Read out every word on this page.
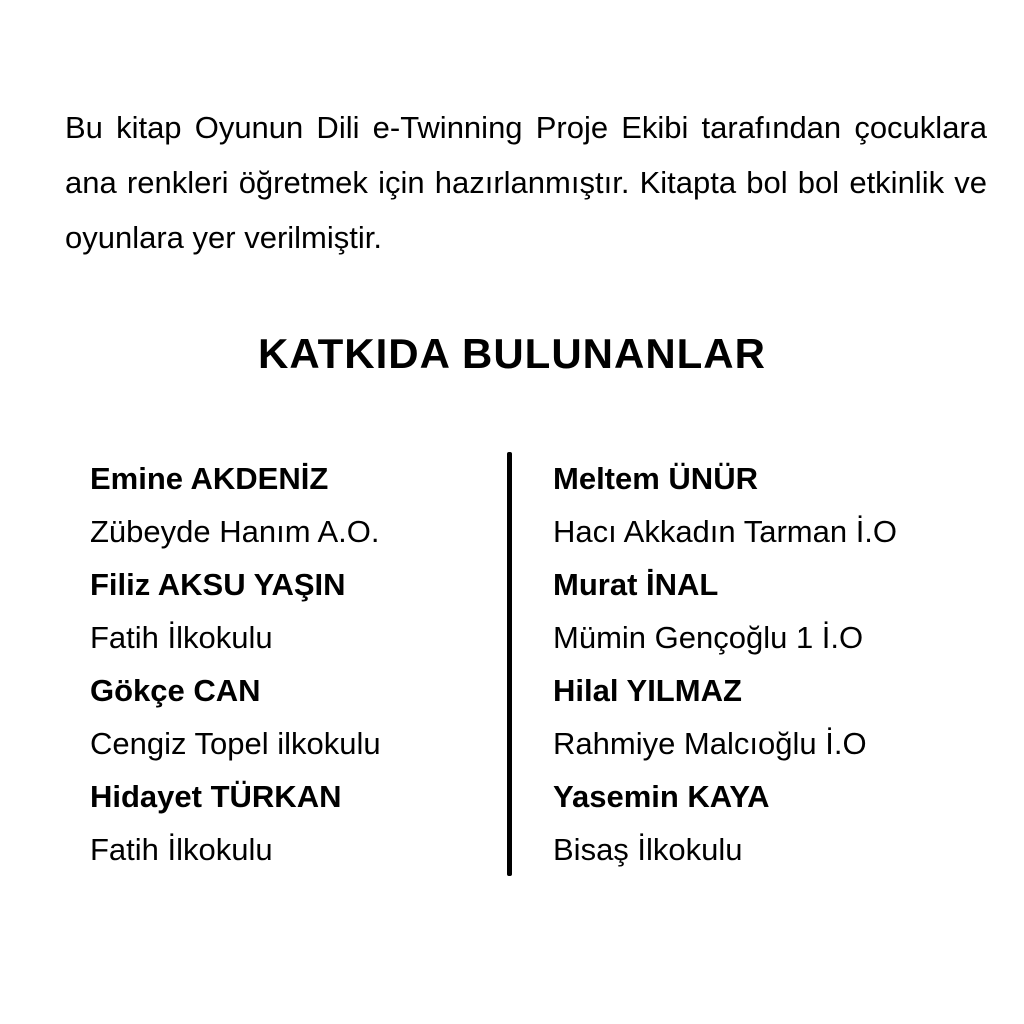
Bu kitap Oyunun Dili e-Twinning Proje Ekibi tarafından çocuklara ana renkleri öğretmek için hazırlanmıştır. Kitapta bol bol etkinlik ve oyunlara yer verilmiştir.

KATKIDA BULUNANLAR
Emine AKDENİZ
Zübeyde Hanım A.O.
Filiz AKSU YAŞIN
Fatih İlkokulu
Gökçe CAN
Cengiz Topel ilkokulu
Hidayet TÜRKAN
Fatih İlkokulu
Meltem ÜNÜR
Hacı Akkadın Tarman İ.O
Murat İNAL
Mümin Gençoğlu 1 İ.O
Hilal YILMAZ
Rahmiye Malcıoğlu İ.O
Yasemin KAYA
Bisaş İlkokulu
